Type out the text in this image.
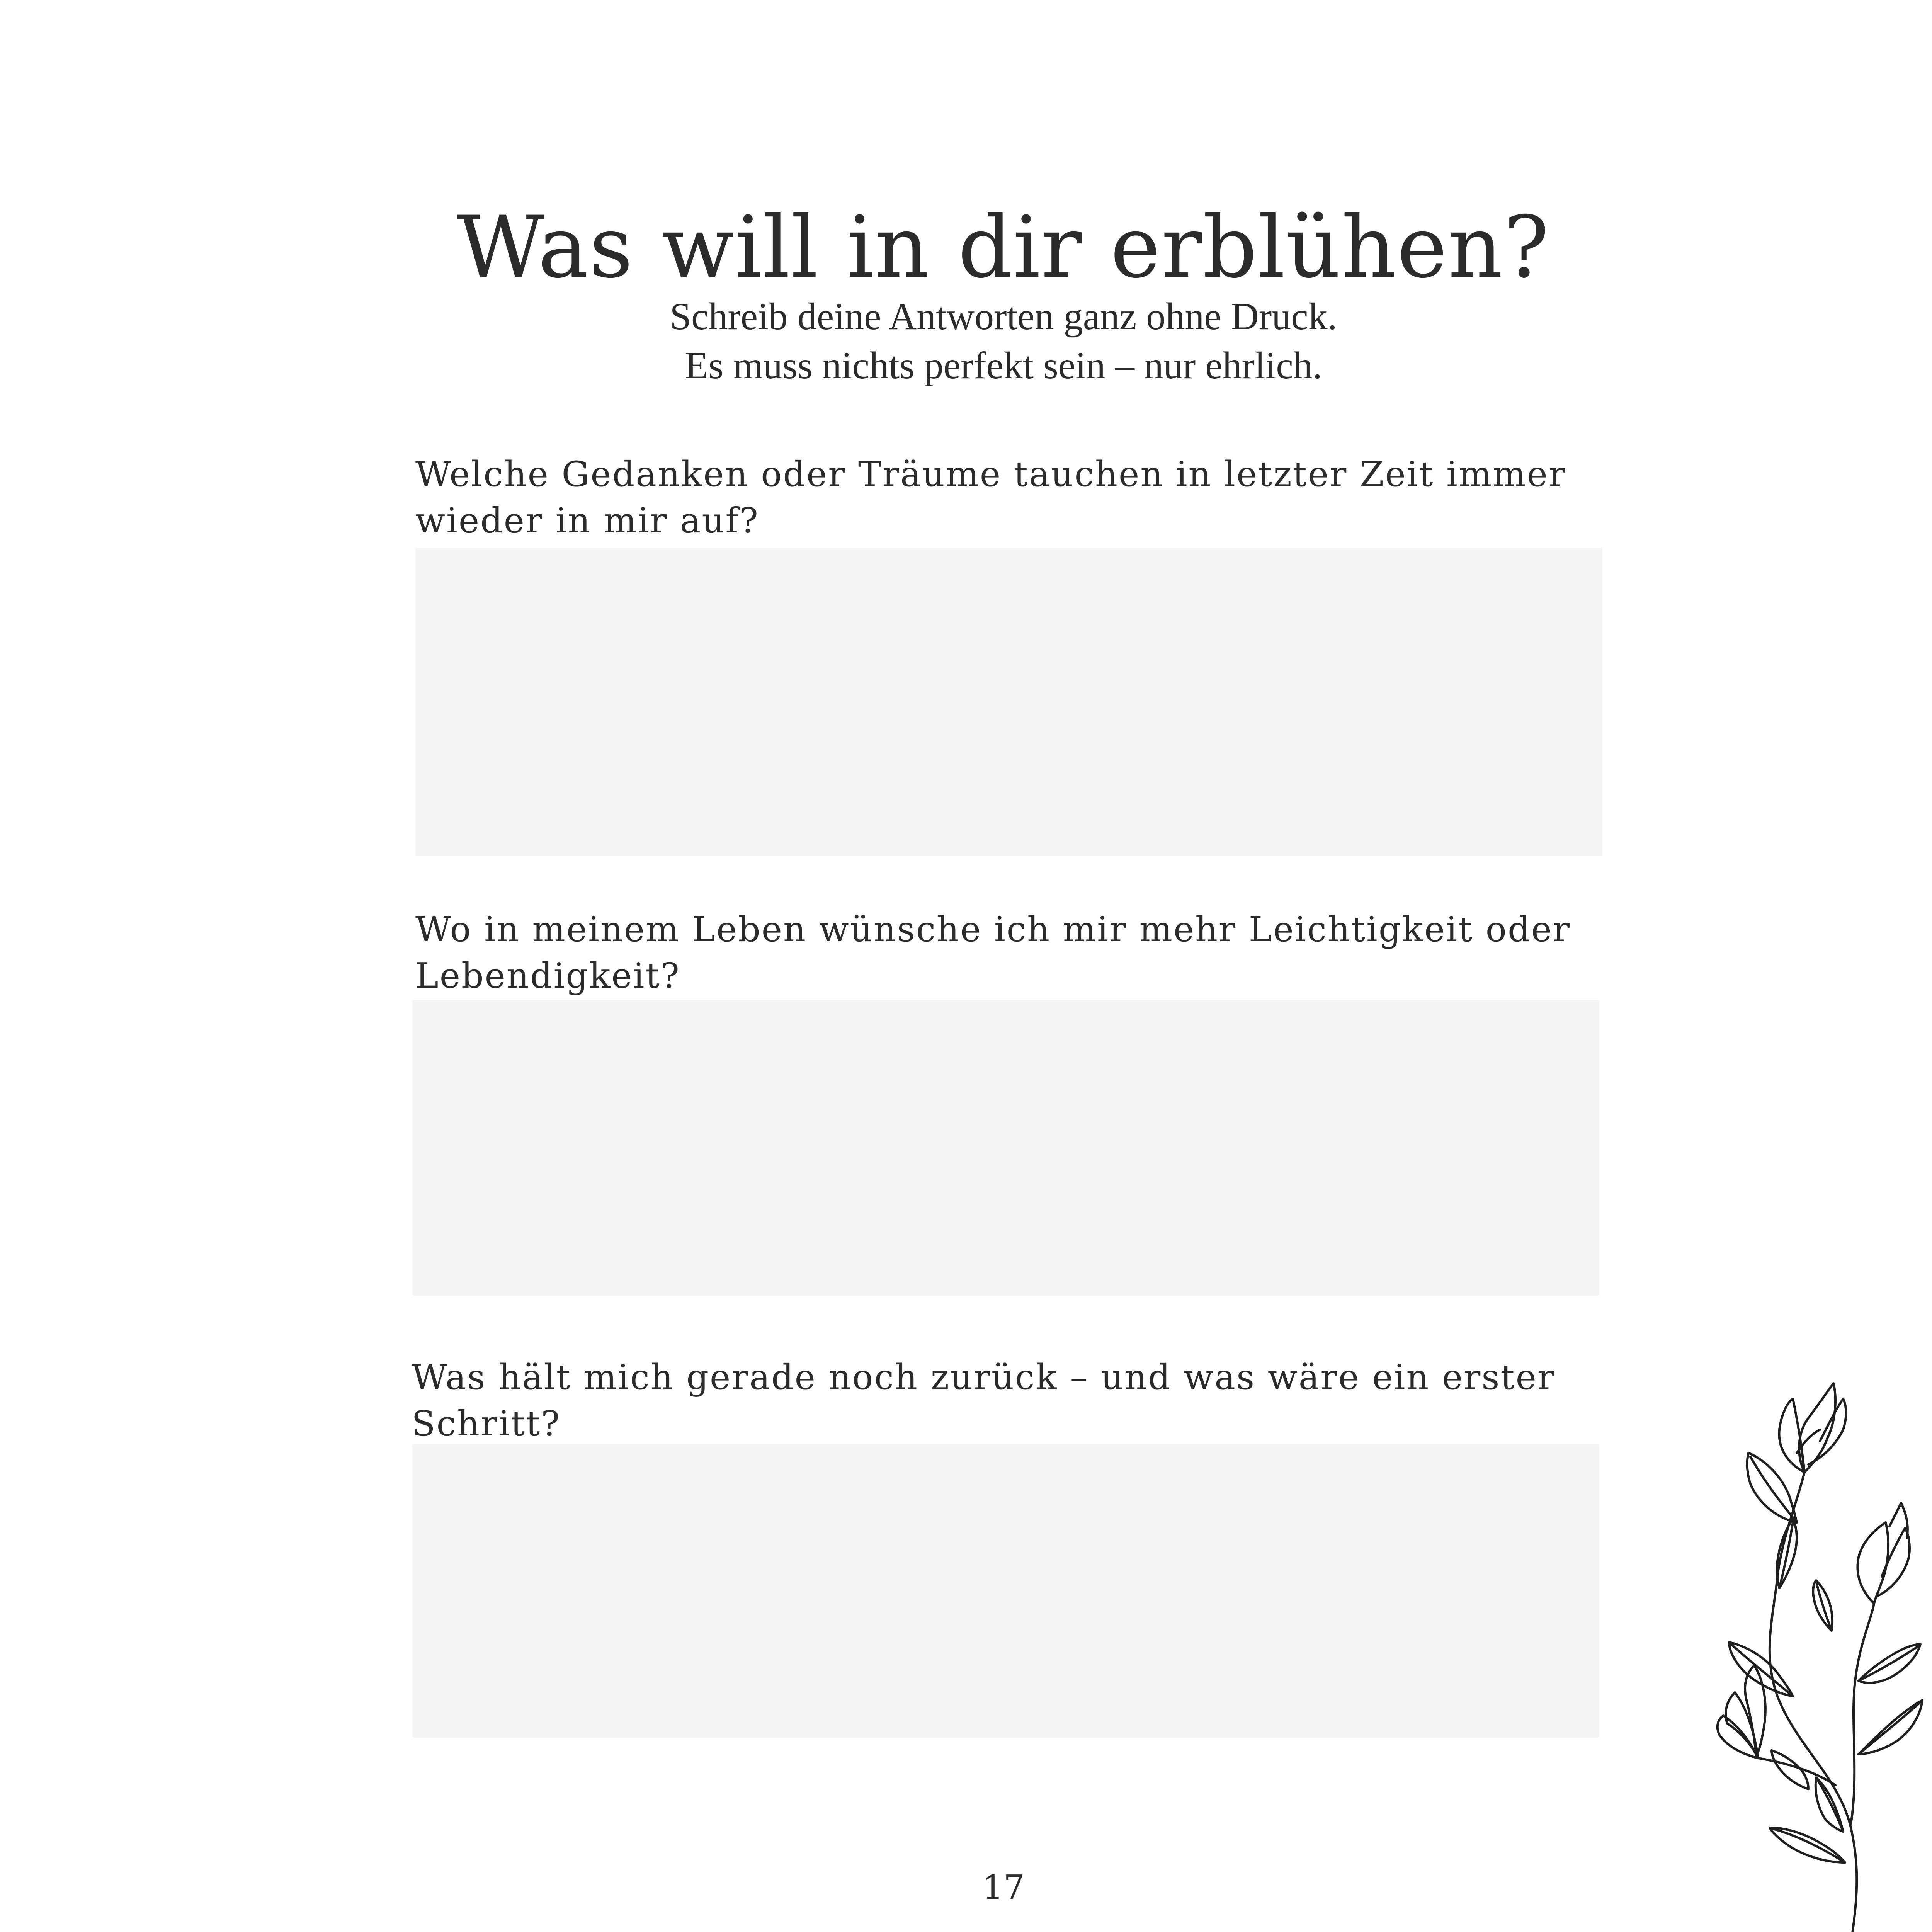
Was will in dir erblühen?

Schreib deine Antworten ganz ohne Druck.

Es muss nichts perfekt sein – nur ehrlich.

Welche Gedanken oder Träume tauchen in letzter Zeit immer wieder in mir auf?

Wo in meinem Leben wünsche ich mir mehr Leichtigkeit oder Lebendigkeit?

Was hält mich gerade noch zurück – und was wäre ein erster Schritt?

17
